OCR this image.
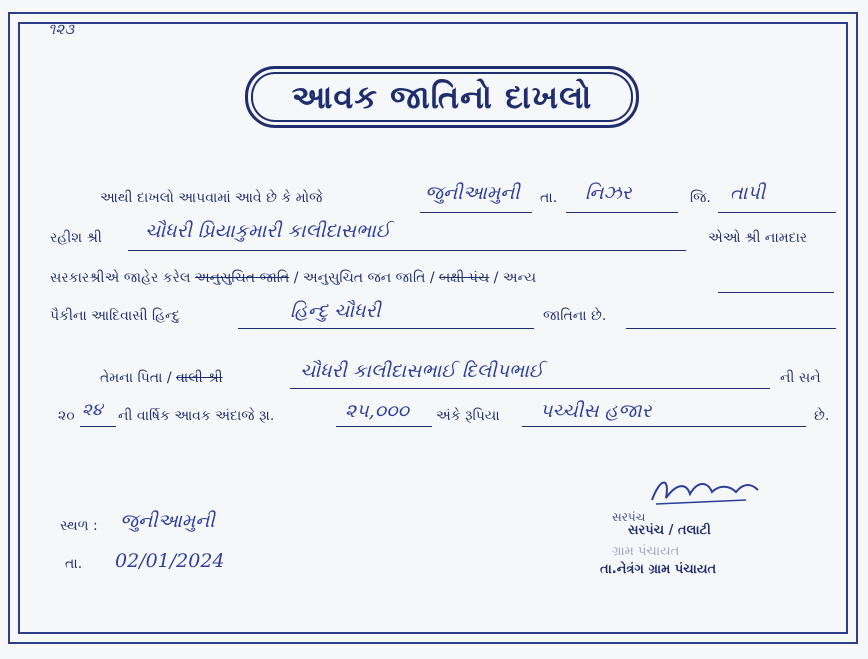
૧૨૩
આવક જાતિનો દાખલો
આથી દાખલો આપવામાં આવે છે કે મોજે	જુનીઆમુની તા. નિઝર	જિ. તાપી
રહીશ શ્રી ચૌધરી પ્રિયાકુમારી કાલીદાસભાઈ	એઓ શ્રી નામદાર
સરકારશ્રીએ જાહેર કરેલ અનુસુચિત જાતિ / અનુસુચિત જન જાતિ / બક્ષી પંચ / અન્ય
પૈકીના આદિવાસી હિન્દુ	હિન્દુ ચૌધરી	જાતિના છે.
તેમના પિતા / વાલી શ્રી	ચૌધરી કાલીદાસભાઈ દિલીપભાઈ	ની સને
૨૦ ૨૪ ની વાર્ષિક આવક અંદાજે રૂા.	૨૫,૦૦૦ અંકે રૂપિયા પચ્ચીસ હજાર	છે.
સ્થળ : જુનીઆમુની
તા. 02/01/2024
સરપંચ
સરપંચ / તલાટી
ગ્રામ પંચાયત
તા.નેત્રંગ ગ્રામ પંચાયત
